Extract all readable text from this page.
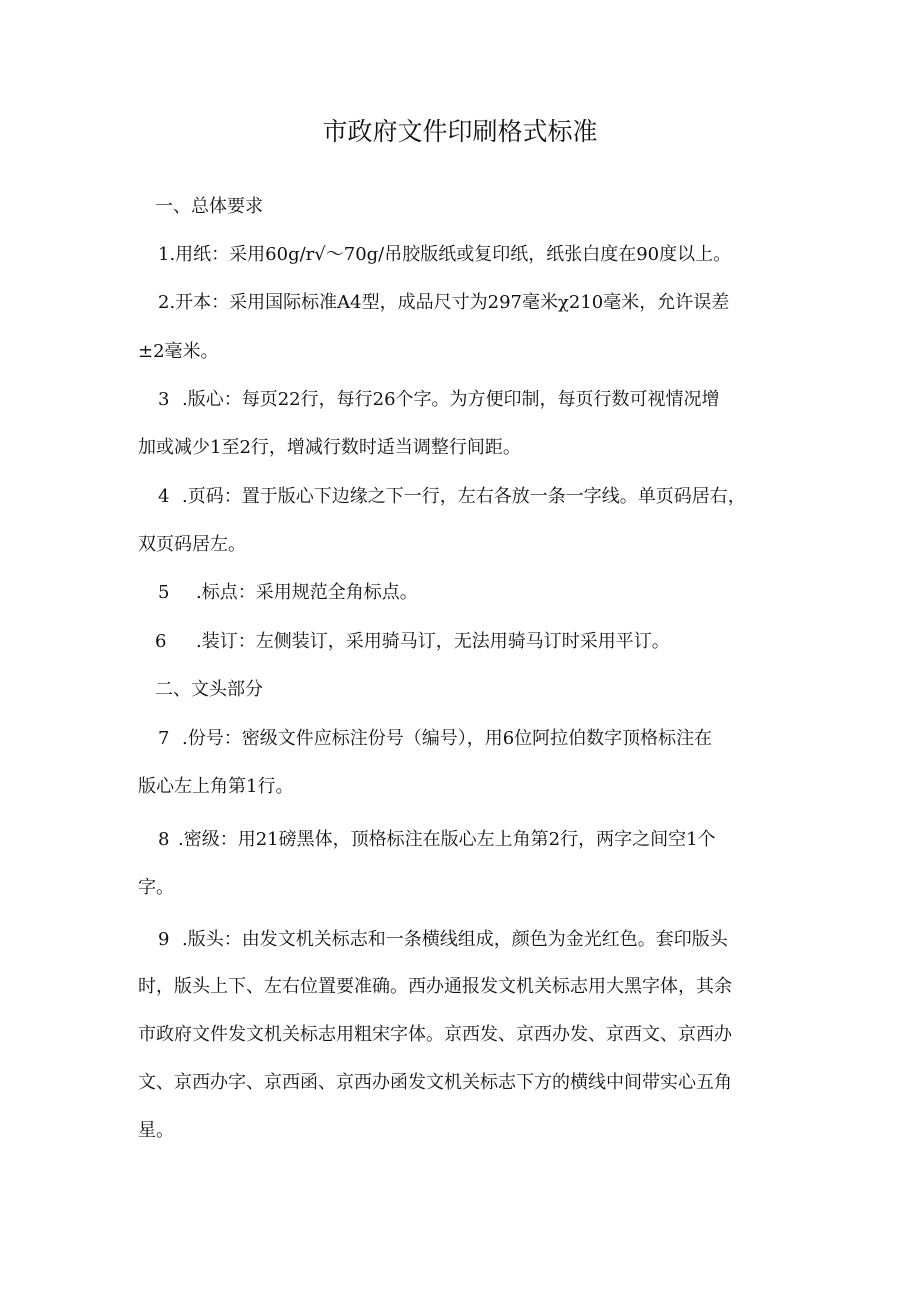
市政府文件印刷格式标准
一、总体要求
1.用纸：采用60g∕r√～70g∕吊胶版纸或复印纸，纸张白度在90度以上。
2.开本：采用国际标准A4型，成品尺寸为297毫米χ210毫米，允许误差
±2毫米。
3 .版心：每页22行，每行26个字。为方便印制，每页行数可视情况增
加或减少1至2行，增减行数时适当调整行间距。
4 .页码：置于版心下边缘之下一行，左右各放一条一字线。单页码居右，
双页码居左。
5 .标点：采用规范全角标点。
6 .装订：左侧装订，采用骑马订，无法用骑马订时采用平订。
二、文头部分
7 .份号：密级文件应标注份号（编号），用6位阿拉伯数字顶格标注在
版心左上角第1行。
8 .密级：用21磅黑体，顶格标注在版心左上角第2行，两字之间空1个
字。
9 .版头：由发文机关标志和一条横线组成，颜色为金光红色。套印版头
时，版头上下、左右位置要准确。西办通报发文机关标志用大黑字体，其余
市政府文件发文机关标志用粗宋字体。京西发、京西办发、京西文、京西办
文、京西办字、京西函、京西办函发文机关标志下方的横线中间带实心五角
星。
